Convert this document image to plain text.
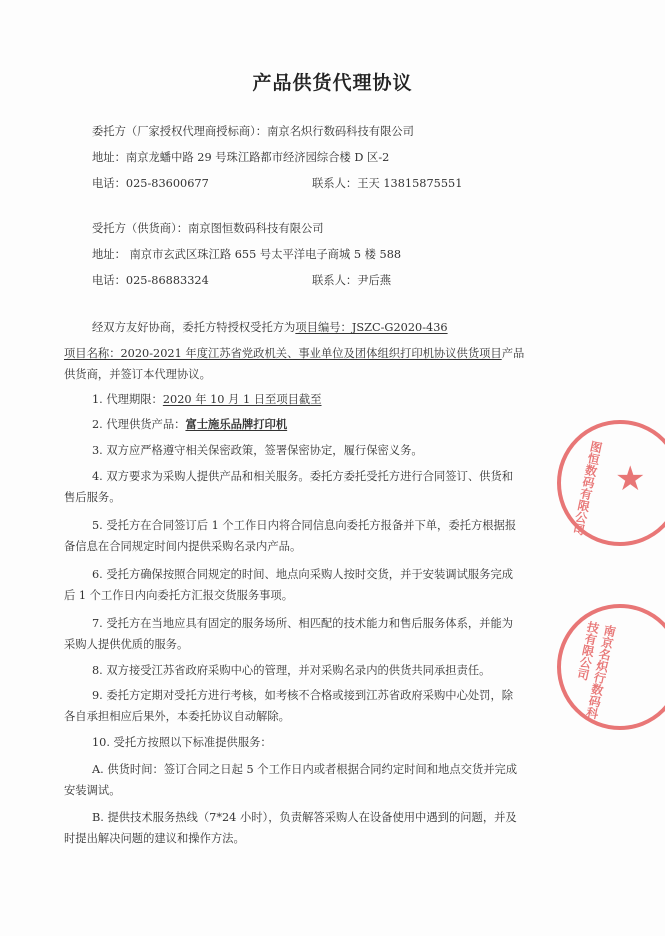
产品供货代理协议
委托方（厂家授权代理商授标商）：南京名炽行数码科技有限公司
地址：南京龙蟠中路 29 号珠江路都市经济园综合楼 D 区-2
电话：025-83600677	联系人：王天 13815875551
受托方（供货商）：南京图恒数码科技有限公司
地址： 南京市玄武区珠江路 655 号太平洋电子商城 5 楼 588
电话：025-86883324	联系人：尹后燕
经双方友好协商，委托方特授权受托方为项目编号：JSZC-G2020-436
项目名称：2020-2021 年度江苏省党政机关、事业单位及团体组织打印机协议供货项目产品
供货商，并签订本代理协议。
1. 代理期限：2020 年 10 月 1 日至项目截至
2. 代理供货产品：富士施乐品牌打印机
3. 双方应严格遵守相关保密政策，签署保密协定，履行保密义务。
4. 双方要求为采购人提供产品和相关服务。委托方委托受托方进行合同签订、供货和
售后服务。
5. 受托方在合同签订后 1 个工作日内将合同信息向委托方报备并下单，委托方根据报
备信息在合同规定时间内提供采购名录内产品。
6. 受托方确保按照合同规定的时间、地点向采购人按时交货，并于安装调试服务完成
后 1 个工作日内向委托方汇报交货服务事项。
7. 受托方在当地应具有固定的服务场所、相匹配的技术能力和售后服务体系，并能为
采购人提供优质的服务。
8. 双方接受江苏省政府采购中心的管理，并对采购名录内的供货共同承担责任。
9. 委托方定期对受托方进行考核，如考核不合格或接到江苏省政府采购中心处罚，除
各自承担相应后果外，本委托协议自动解除。
10. 受托方按照以下标准提供服务：
A. 供货时间：签订合同之日起 5 个工作日内或者根据合同约定时间和地点交货并完成
安装调试。
B. 提供技术服务热线（7*24 小时），负责解答采购人在设备使用中遇到的问题，并及
时提出解决问题的建议和操作方法。
图恒数码有限公司 ★
南京名炽行数码科技有限公司
